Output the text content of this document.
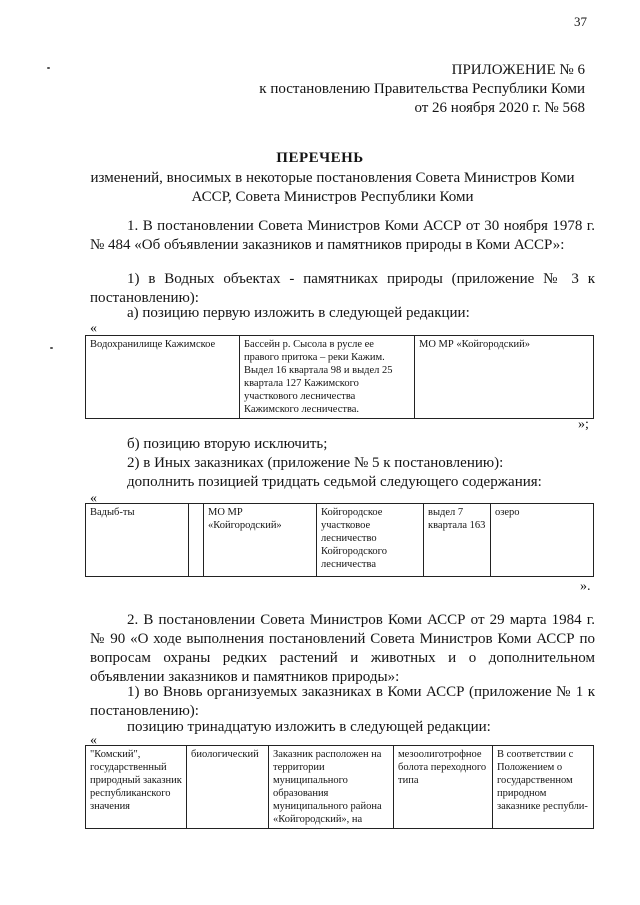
37
ПРИЛОЖЕНИЕ № 6
к постановлению Правительства Республики Коми
от 26 ноября 2020 г. № 568
ПЕРЕЧЕНЬ
изменений, вносимых в некоторые постановления Совета Министров Коми
АССР, Совета Министров Республики Коми
1. В постановлении Совета Министров Коми АССР от 30 ноября 1978 г. № 484 «Об объявлении заказников и памятников природы в Коми АССР»:
1) в Водных объектах - памятниках природы (приложение № 3 к постановлению):
а) позицию первую изложить в следующей редакции:
«
Водохранилище Кажимское	Бассейн р. Сысола в русле ее правого притока – реки Кажим. Выдел 16 квартала 98 и выдел 25 квартала 127 Кажимского участкового лесничества Кажимского лесничества.	МО МР «Койгородский»
»;
б) позицию вторую исключить;
2) в Иных заказниках (приложение № 5 к постановлению):
дополнить позицией тридцать седьмой следующего содержания:
«
Вадыб-ты		МО МР «Койгородский»	Койгородское участковое лесничество Койгородского лесничества	выдел 7 квартала 163	озеро
».
2. В постановлении Совета Министров Коми АССР от 29 марта 1984 г. № 90 «О ходе выполнения постановлений Совета Министров Коми АССР по вопросам охраны редких растений и животных и о дополнительном объявлении заказников и памятников природы»:
1) во Вновь организуемых заказниках в Коми АССР (приложение № 1 к постановлению):
позицию тринадцатую изложить в следующей редакции:
«
"Комский", государственный природный заказник республиканского значения	биологический	Заказник расположен на территории муниципального образования муниципального района «Койгородский», на	мезоолиготрофное болота переходного типа	В соответствии с Положением о государственном природном заказнике республи-
